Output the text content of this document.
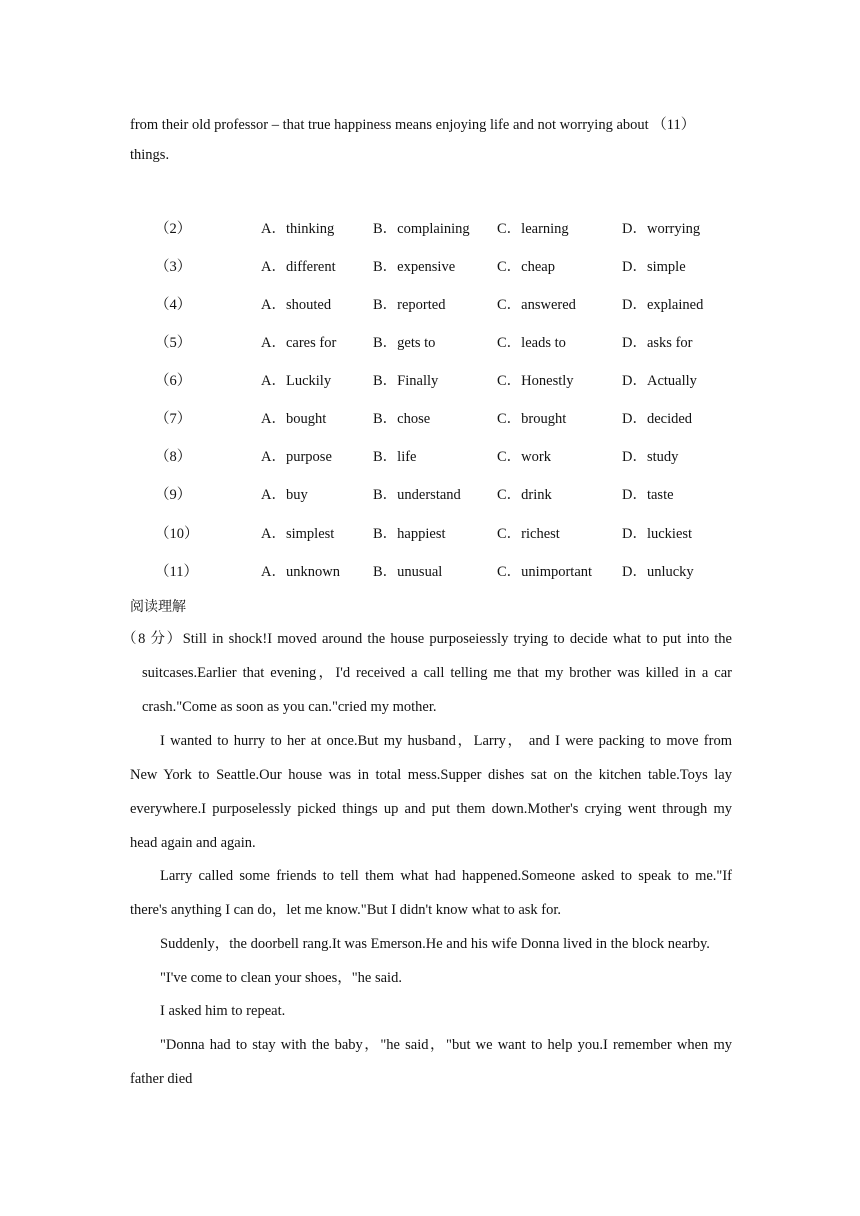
from their old professor – that true happiness means enjoying life and not worrying about （11）
things.
（2）	A．thinking	B．complaining C．learning	D．worrying
（3）	A．different	B．expensive	C．cheap	D．simple
（4）	A．shouted	B．reported	C．answered	D．explained
（5）	A．cares for	B．gets to	C．leads to	D．asks for
（6）	A．Luckily	B．Finally	C．Honestly	D．Actually
（7）	A．bought	B．chose	C．brought	D．decided
（8）	A．purpose	B．life	C．work	D．study
（9）	A．buy	B．understand C．drink	D．taste
（10）	A．simplest	B．happiest	C．richest	D．luckiest
（11）	A．unknown B．unusual	C．unimportant D．unlucky
阅读理解
（8 分）Still in shock!I moved around the house purposeiessly trying to decide what to put into the
suitcases.Earlier that evening，I'd received a call telling me that my brother was killed in a car
crash."Come as soon as you can."cried my mother.
I wanted to hurry to her at once.But my husband，Larry， and I were packing to move from
New York to Seattle.Our house was in total mess.Supper dishes sat on the kitchen table.Toys lay
everywhere.I purposelessly picked things up and put them down.Mother's crying went through my
head again and again.
Larry called some friends to tell them what had happened.Someone asked to speak to me."If
there's anything I can do，let me know."But I didn't know what to ask for.
Suddenly，the doorbell rang.It was Emerson.He and his wife Donna lived in the block nearby.
"I've come to clean your shoes，"he said.
I asked him to repeat.
"Donna had to stay with the baby，"he said，"but we want to help you.I remember when my
father died
